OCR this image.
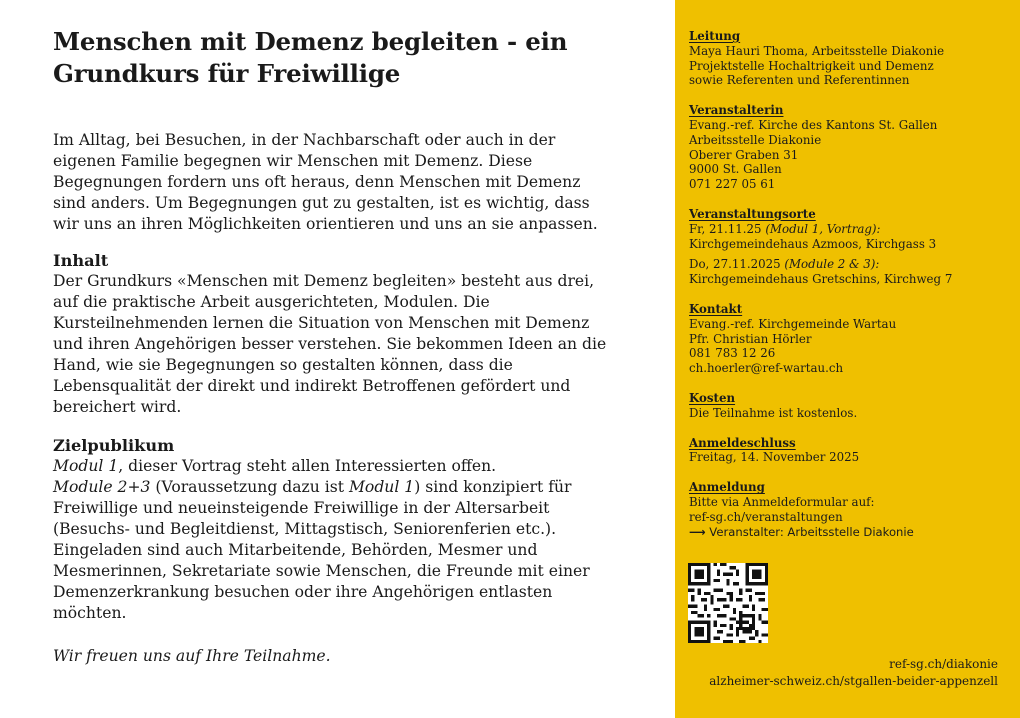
Menschen mit Demenz begleiten - ein
Grundkurs für Freiwillige
Im Alltag, bei Besuchen, in der Nachbarschaft oder auch in der
eigenen Familie begegnen wir Menschen mit Demenz. Diese
Begegnungen fordern uns oft heraus, denn Menschen mit Demenz
sind anders. Um Begegnungen gut zu gestalten, ist es wichtig, dass
wir uns an ihren Möglichkeiten orientieren und uns an sie anpassen.
Inhalt
Der Grundkurs «Menschen mit Demenz begleiten» besteht aus drei,
auf die praktische Arbeit ausgerichteten, Modulen. Die
Kursteilnehmenden lernen die Situation von Menschen mit Demenz
und ihren Angehörigen besser verstehen. Sie bekommen Ideen an die
Hand, wie sie Begegnungen so gestalten können, dass die
Lebensqualität der direkt und indirekt Betroffenen gefördert und
bereichert wird.
Zielpublikum
Modul 1, dieser Vortrag steht allen Interessierten offen.
Module 2+3 (Voraussetzung dazu ist Modul 1) sind konzipiert für
Freiwillige und neueinsteigende Freiwillige in der Altersarbeit
(Besuchs- und Begleitdienst, Mittagstisch, Seniorenferien etc.).
Eingeladen sind auch Mitarbeitende, Behörden, Mesmer und
Mesmerinnen, Sekretariate sowie Menschen, die Freunde mit einer
Demenzerkrankung besuchen oder ihre Angehörigen entlasten
möchten.
Wir freuen uns auf Ihre Teilnahme.
Leitung
Maya Hauri Thoma, Arbeitsstelle Diakonie
Projektstelle Hochaltrigkeit und Demenz
sowie Referenten und Referentinnen
Veranstalterin
Evang.-ref. Kirche des Kantons St. Gallen
Arbeitsstelle Diakonie
Oberer Graben 31
9000 St. Gallen
071 227 05 61
Veranstaltungsorte
Fr, 21.11.25 (Modul 1, Vortrag):
Kirchgemeindehaus Azmoos, Kirchgass 3
Do, 27.11.2025 (Module 2 & 3):
Kirchgemeindehaus Gretschins, Kirchweg 7
Kontakt
Evang.-ref. Kirchgemeinde Wartau
Pfr. Christian Hörler
081 783 12 26
ch.hoerler@ref-wartau.ch
Kosten
Die Teilnahme ist kostenlos.
Anmeldeschluss
Freitag, 14. November 2025
Anmeldung
Bitte via Anmeldeformular auf:
ref-sg.ch/veranstaltungen
⟶ Veranstalter: Arbeitsstelle Diakonie
ref-sg.ch/diakonie
alzheimer-schweiz.ch/stgallen-beider-appenzell
